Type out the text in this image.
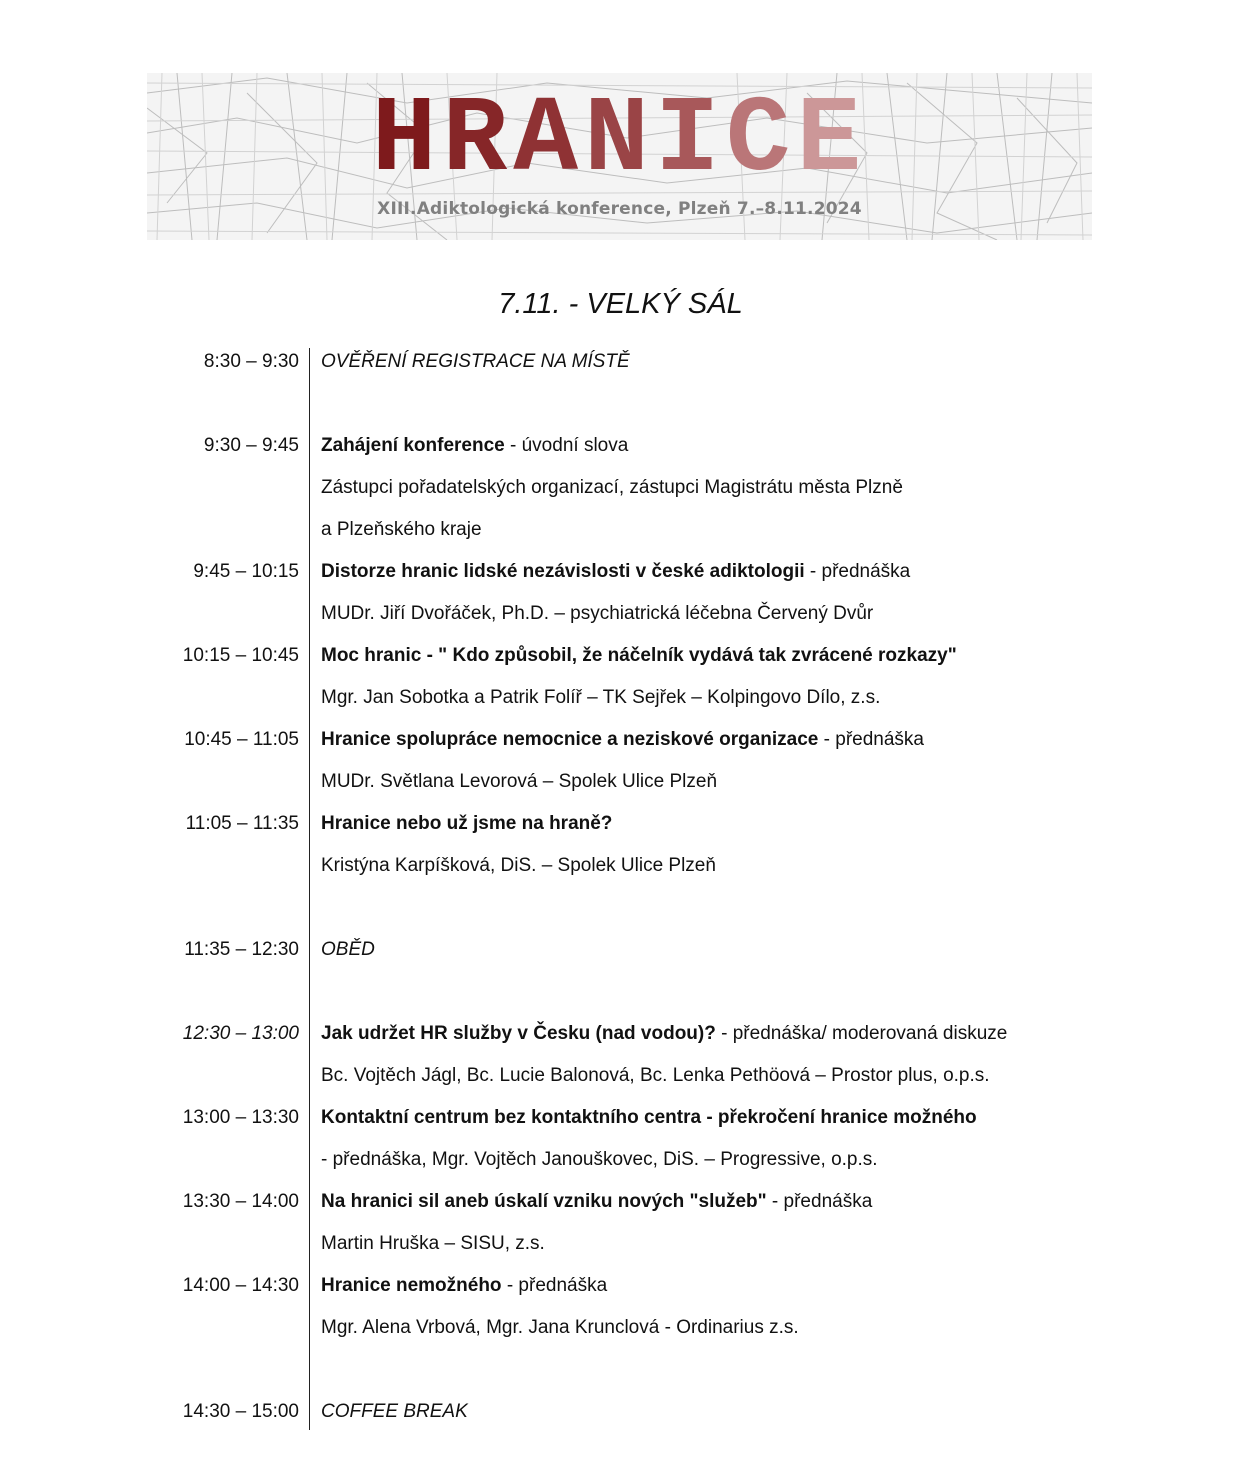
HRANICE
XIII.Adiktologická konference, Plzeň 7.–8.11.2024
7.11. - VELKÝ SÁL
8:30 – 9:30 OVĚŘENÍ REGISTRACE NA MÍSTĚ
9:30 – 9:45 Zahájení konference - úvodní slova
Zástupci pořadatelských organizací, zástupci Magistrátu města Plzně
a Plzeňského kraje
9:45 – 10:15 Distorze hranic lidské nezávislosti v české adiktologii - přednáška
MUDr. Jiří Dvořáček, Ph.D. – psychiatrická léčebna Červený Dvůr
10:15 – 10:45 Moc hranic - " Kdo způsobil, že náčelník vydává tak zvrácené rozkazy"
Mgr. Jan Sobotka a Patrik Folíř – TK Sejřek – Kolpingovo Dílo, z.s.
10:45 – 11:05 Hranice spolupráce nemocnice a neziskové organizace - přednáška
MUDr. Světlana Levorová – Spolek Ulice Plzeň
11:05 – 11:35 Hranice nebo už jsme na hraně?
Kristýna Karpíšková, DiS. – Spolek Ulice Plzeň
11:35 – 12:30 OBĚD
12:30 – 13:00 Jak udržet HR služby v Česku (nad vodou)? - přednáška/ moderovaná diskuze
Bc. Vojtěch Jágl, Bc. Lucie Balonová, Bc. Lenka Pethöová – Prostor plus, o.p.s.
13:00 – 13:30 Kontaktní centrum bez kontaktního centra - překročení hranice možného
- přednáška, Mgr. Vojtěch Janouškovec, DiS. – Progressive, o.p.s.
13:30 – 14:00 Na hranici sil aneb úskalí vzniku nových "služeb" - přednáška
Martin Hruška – SISU, z.s.
14:00 – 14:30 Hranice nemožného - přednáška
Mgr. Alena Vrbová, Mgr. Jana Krunclová - Ordinarius z.s.
14:30 – 15:00 COFFEE BREAK
